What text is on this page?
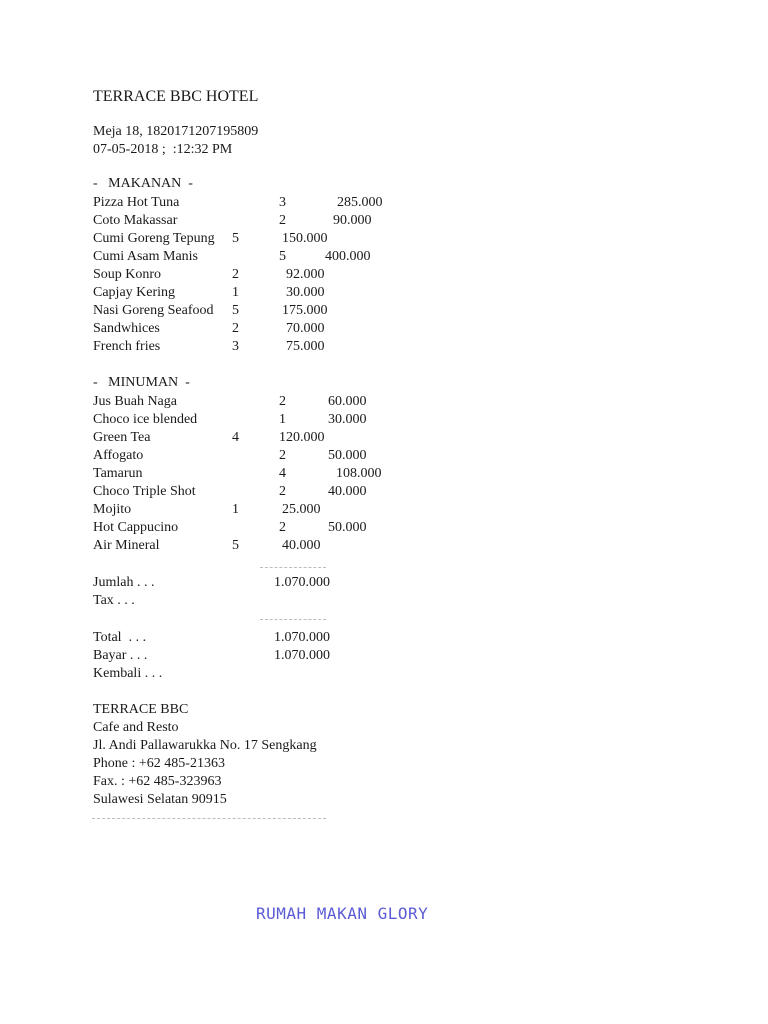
TERRACE BBC HOTEL
Meja 18, 1820171207195809
07-05-2018 ;  :12:32 PM
-   MAKANAN  -
Pizza Hot Tuna	3	285.000
Coto Makassar	2	90.000
Cumi Goreng Tepung 5	150.000
Cumi Asam Manis	5	400.000
Soup Konro	2	92.000
Capjay Kering	1	30.000
Nasi Goreng Seafood 5	175.000
Sandwhices	2	70.000
French fries	3	75.000
-   MINUMAN  -
Jus Buah Naga	2	60.000
Choco ice blended	1	30.000
Green Tea	4	120.000
Affogato	2	50.000
Tamarun	4	108.000
Choco Triple Shot	2	40.000
Mojito	1	25.000
Hot Cappucino	2	50.000
Air Mineral	5	40.000
Jumlah . . .	1.070.000
Tax . . .
Total  . . .	1.070.000
Bayar . . .	1.070.000
Kembali . . .
TERRACE BBC
Cafe and Resto
Jl. Andi Pallawarukka No. 17 Sengkang
Phone : +62 485-21363
Fax. : +62 485-323963
Sulawesi Selatan 90915
RUMAH MAKAN GLORY
